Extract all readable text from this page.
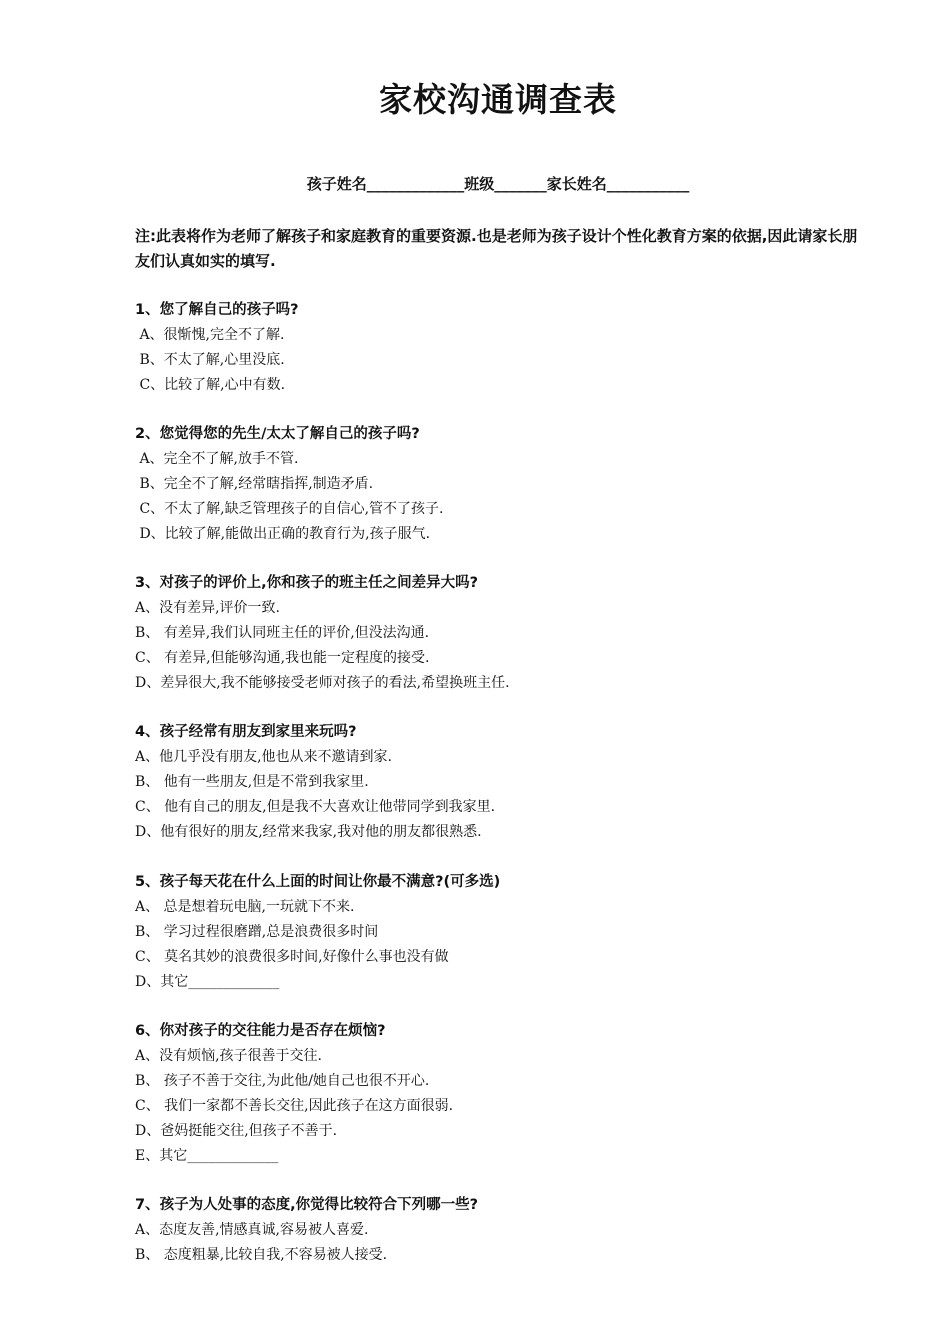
家校沟通调查表
孩子姓名_____________班级_______家长姓名___________
注:此表将作为老师了解孩子和家庭教育的重要资源.也是老师为孩子设计个性化教育方案的依据,因此请家长朋友们认真如实的填写.
1、您了解自己的孩子吗?
A、很惭愧,完全不了解.
B、不太了解,心里没底.
C、比较了解,心中有数.
2、您觉得您的先生/太太了解自己的孩子吗?
A、完全不了解,放手不管.
B、完全不了解,经常瞎指挥,制造矛盾.
C、不太了解,缺乏管理孩子的自信心,管不了孩子.
D、比较了解,能做出正确的教育行为,孩子服气.
3、对孩子的评价上,你和孩子的班主任之间差异大吗?
A、没有差异,评价一致.
B、 有差异,我们认同班主任的评价,但没法沟通.
C、 有差异,但能够沟通,我也能一定程度的接受.
D、差异很大,我不能够接受老师对孩子的看法,希望换班主任.
4、孩子经常有朋友到家里来玩吗?
A、他几乎没有朋友,他也从来不邀请到家.
B、 他有一些朋友,但是不常到我家里.
C、 他有自己的朋友,但是我不大喜欢让他带同学到我家里.
D、他有很好的朋友,经常来我家,我对他的朋友都很熟悉.
5、孩子每天花在什么上面的时间让你最不满意?(可多选)
A、 总是想着玩电脑,一玩就下不来.
B、 学习过程很磨蹭,总是浪费很多时间
C、 莫名其妙的浪费很多时间,好像什么事也没有做
D、其它_____________
6、你对孩子的交往能力是否存在烦恼?
A、没有烦恼,孩子很善于交往.
B、 孩子不善于交往,为此他/她自己也很不开心.
C、 我们一家都不善长交往,因此孩子在这方面很弱.
D、爸妈挺能交往,但孩子不善于.
E、其它_____________
7、孩子为人处事的态度,你觉得比较符合下列哪一些?
A、态度友善,情感真诚,容易被人喜爱.
B、 态度粗暴,比较自我,不容易被人接受.
